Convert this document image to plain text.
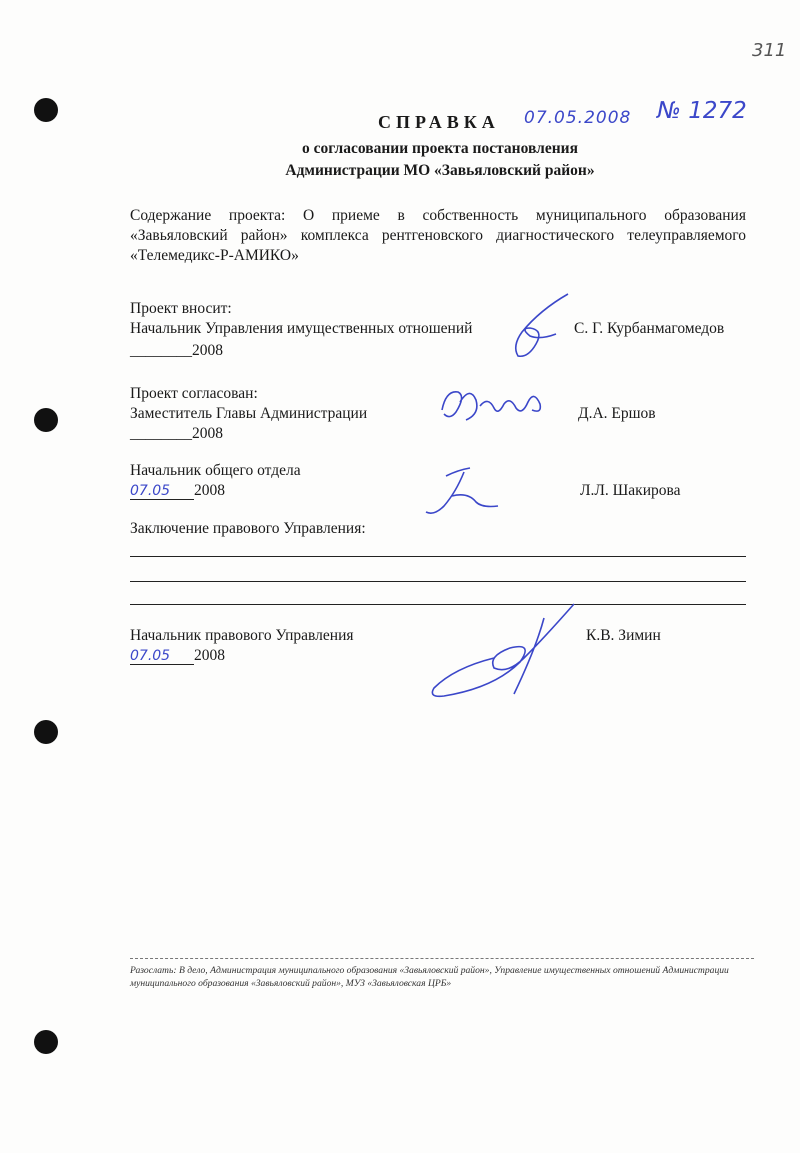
311
СПРАВКА 07.05.2008 № 1272
о согласовании проекта постановления
Администрации МО «Завьяловский район»
Содержание проекта: О приеме в собственность муниципального образования «Завьяловский район» комплекса рентгеновского диагностического телеуправляемого «Телемедикс-Р-АМИКО»
Проект вносит:
Начальник Управления имущественных отношений
________2008
С. Г. Курбанмагомедов
Проект согласован:
Заместитель Главы Администрации
________2008
Д.А. Ершов
Начальник общего отдела
07.05 2008	Л.Л. Шакирова
Заключение правового Управления:
Начальник правового Управления
07.05 2008
К.В. Зимин
Разослать: В дело, Администрация муниципального образования «Завьяловский район», Управление имущественных отношений Администрации муниципального образования «Завьяловский район», МУЗ «Завьяловская ЦРБ»
